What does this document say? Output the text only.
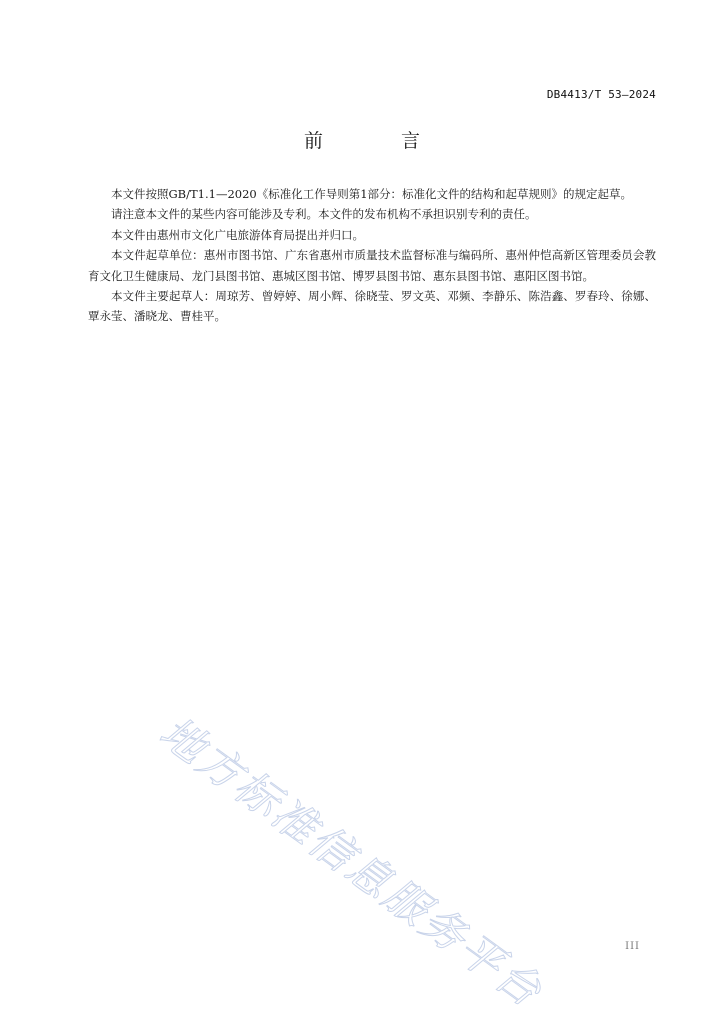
DB4413/T 53—2024
前 言

本文件按照GB/T1.1—2020《标准化工作导则第1部分：标准化文件的结构和起草规则》的规定起草。

请注意本文件的某些内容可能涉及专利。本文件的发布机构不承担识别专利的责任。

本文件由惠州市文化广电旅游体育局提出并归口。

本文件起草单位：惠州市图书馆、广东省惠州市质量技术监督标准与编码所、惠州仲恺高新区管理委员会教育文化卫生健康局、龙门县图书馆、惠城区图书馆、博罗县图书馆、惠东县图书馆、惠阳区图书馆。

本文件主要起草人：周琼芳、曾婷婷、周小辉、徐晓莹、罗文英、邓频、李静乐、陈浩鑫、罗春玲、徐娜、覃永莹、潘晓龙、曹桂平。

地方标准信息服务平台	III
